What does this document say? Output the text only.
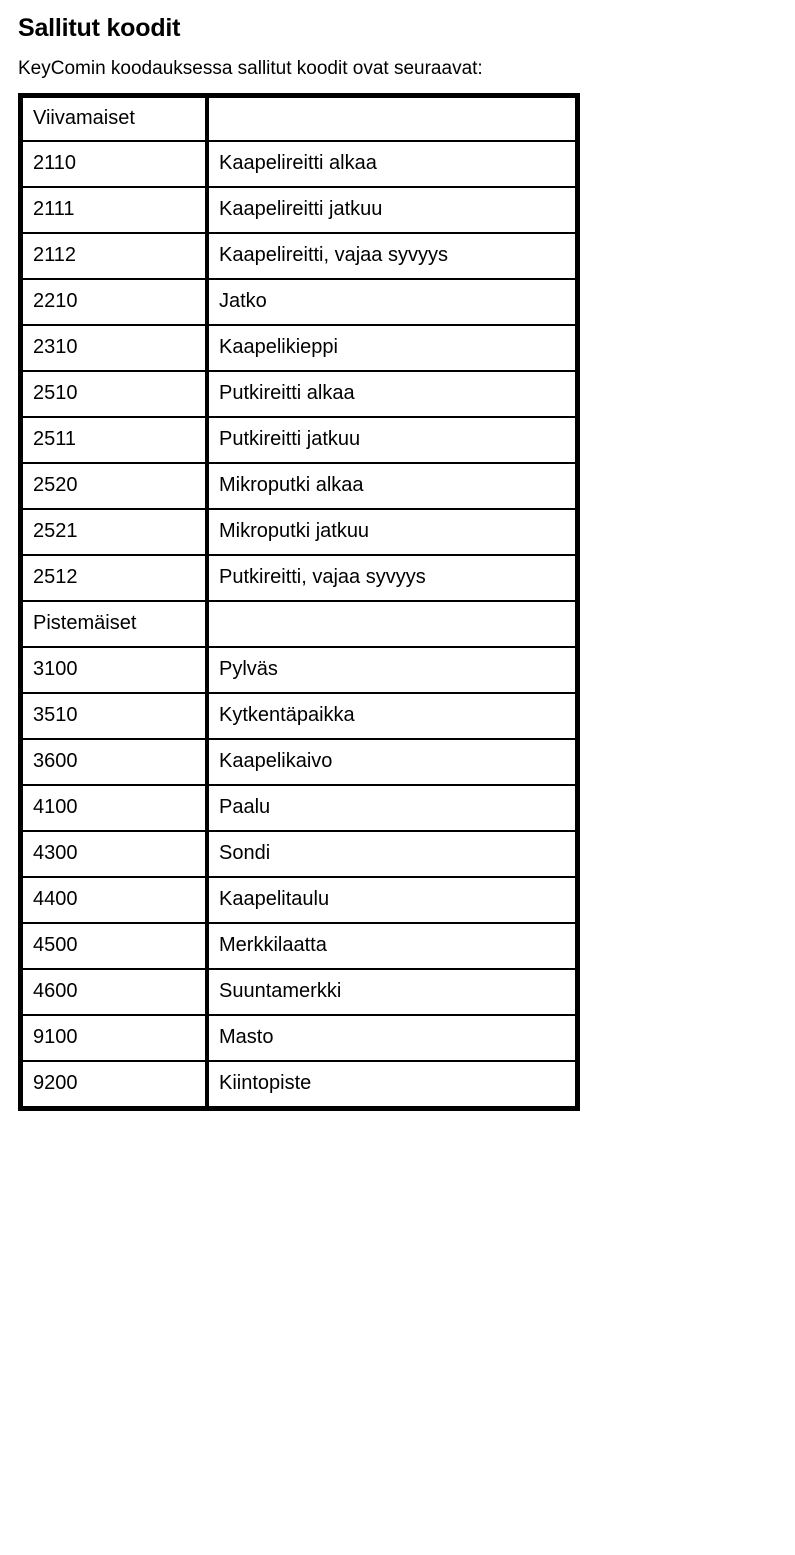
Sallitut koodit

KeyComin koodauksessa sallitut koodit ovat seuraavat:

Viivamaiset	
2110	Kaapelireitti alkaa
2111	Kaapelireitti jatkuu
2112	Kaapelireitti, vajaa syvyys
2210	Jatko
2310	Kaapelikieppi
2510	Putkireitti alkaa
2511	Putkireitti jatkuu
2520	Mikroputki alkaa
2521	Mikroputki jatkuu
2512	Putkireitti, vajaa syvyys
Pistemäiset	
3100	Pylväs
3510	Kytkentäpaikka
3600	Kaapelikaivo
4100	Paalu
4300	Sondi
4400	Kaapelitaulu
4500	Merkkilaatta
4600	Suuntamerkki
9100	Masto
9200	Kiintopiste
